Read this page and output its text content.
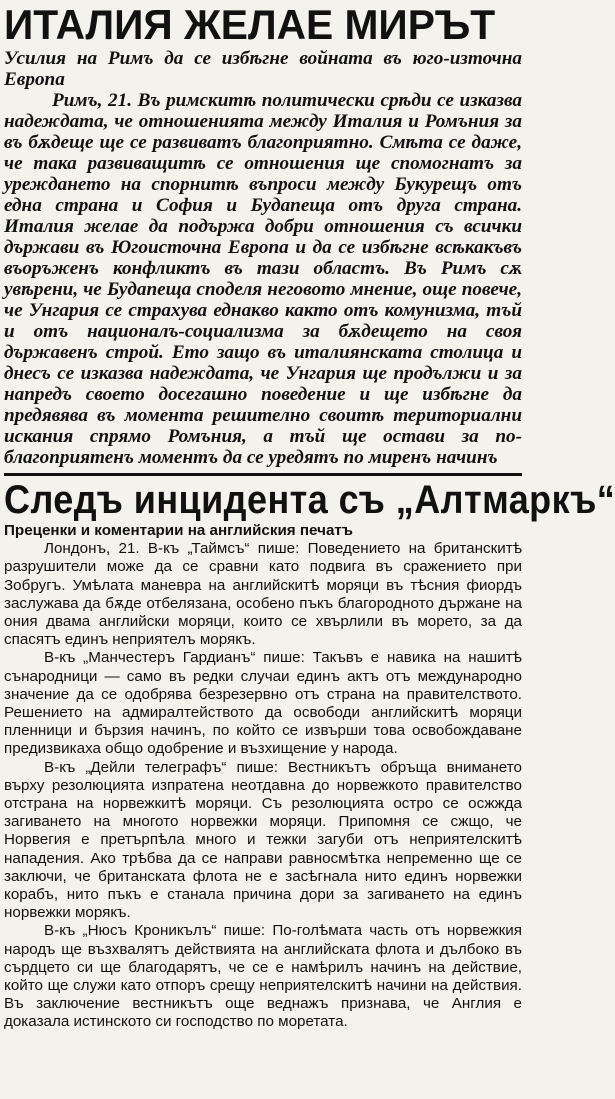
ИТАЛИЯ ЖЕЛАЕ МИРЪТ

Усилия на Римъ да се избѣгне войната въ юго-източна Европа

Римъ, 21. Въ римскитѣ политически срѣди се изказва надеждата, че отношенията между Италия и Ромъния за въ бѫдеще ще се развиватъ благоприятно. Смѣта се даже, че така развиващитѣ се отношения ще спомогнатъ за уреждането на спорнитѣ въпроси между Букурещъ отъ една страна и София и Будапеща отъ друга страна. Италия желае да подържа добри отношения съ всички държави въ Югоисточна Европа и да се избѣгне всѣкакъвъ въоръженъ конфликтъ въ тази областъ. Въ Римъ сѫ увѣрени, че Будапеща споделя неговото мнение, още повече, че Унгария се страхува еднакво както отъ комунизма, тъй и отъ националъ-социализма за бѫдещето на своя държавенъ строй. Ето защо въ италиянската столица и днесъ се изказва надеждата, че Унгария ще продължи и за напредъ своето досегашно поведение и ще избѣгне да предявява въ момента решително своитѣ териториални искания спрямо Ромъния, а тъй ще остави за по-благоприятенъ моментъ да се уредятъ по миренъ начинъ

Следъ инцидента съ „Алтмаркъ“

Преценки и коментарии на английския печатъ

Лондонъ, 21. В-къ „Таймсъ“ пише: Поведението на британскитѣ разрушители може да се сравни като подвига въ сражението при Зобругъ. Умѣлата маневра на английскитѣ моряци въ тѣсния фиордъ заслужава да бѫде отбелязана, особено пъкъ благородното държане на ония двама английски моряци, които се хвърлили въ морето, за да спасятъ единъ неприятелъ морякъ.

В-къ „Манчестеръ Гардианъ“ пише: Такъвъ е навика на нашитѣ сънародници — само въ редки случаи единъ актъ отъ международно значение да се одобрява безрезервно отъ страна на правителството. Решението на адмиралтейството да освободи английскитѣ моряци пленници и бързия начинъ, по който се извърши това освобождаване предизвикаха общо одобрение и възхищение у народа.

В-къ „Дейли телеграфъ“ пише: Вестникътъ обръща внимането върху резолюцията изпратена неотдавна до норвежкото правителство отстрана на норвежкитѣ моряци. Съ резолюцията остро се осжжда загиването на многото норвежки моряци. Припомня се сжщо, че Норвегия е претърпѣла много и тежки загуби отъ неприятелскитѣ нападения. Ако трѣбва да се направи равносмѣтка непременно ще се заключи, че британската флота не е засѣгнала нито единъ норвежки корабъ, нито пъкъ е станала причина дори за загиването на единъ норвежки морякъ.

В-къ „Нюсъ Кроникълъ“ пише: По-голѣмата часть отъ норвежкия народъ ще възхвалятъ действията на английската флота и дълбоко въ сърдцето си ще благодарятъ, че се е намѣрилъ начинъ на действие, който ще служи като отпоръ срещу неприятелскитѣ начини на действия. Въ заключение вестникътъ още веднажъ признава, че Англия е доказала истинското си господство по моретата.
